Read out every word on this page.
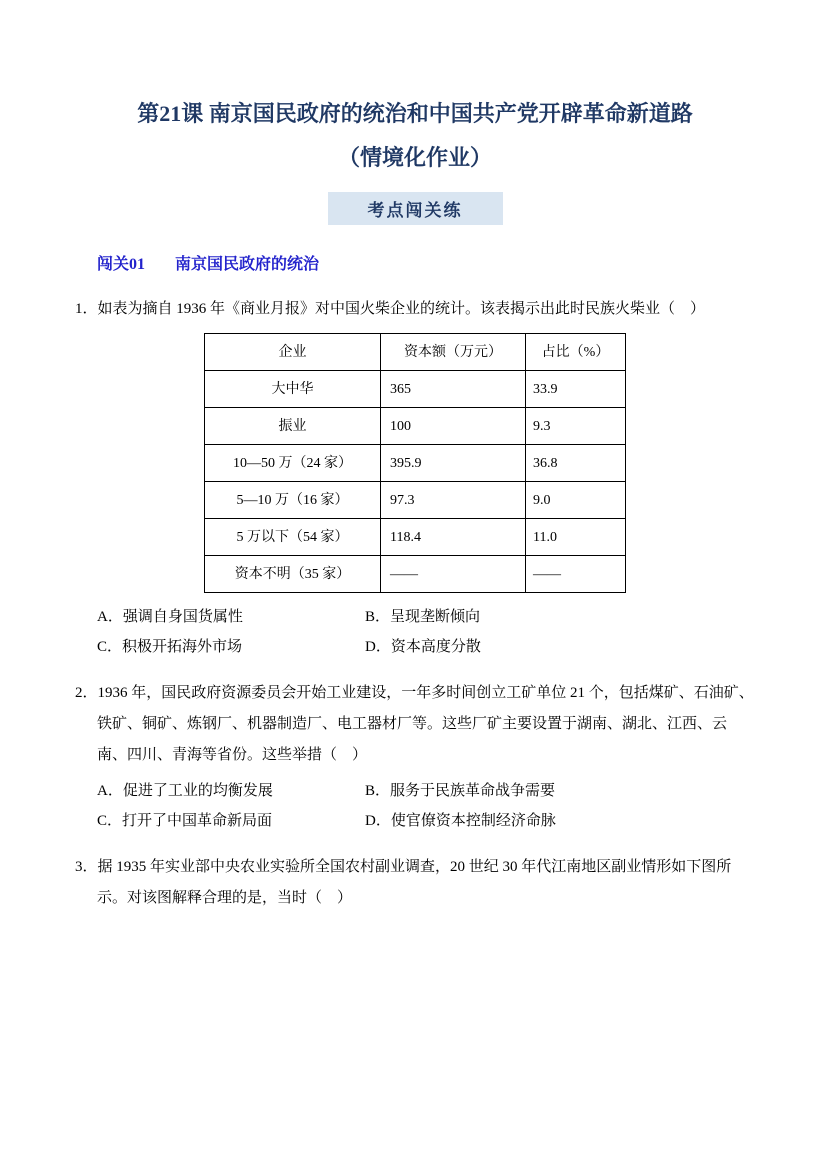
第21课 南京国民政府的统治和中国共产党开辟革命新道路
（情境化作业）
考点闯关练
闯关01 南京国民政府的统治
1．如表为摘自 1936 年《商业月报》对中国火柴企业的统计。该表揭示出此时民族火柴业（　）
企业	资本额（万元）	占比（%）
大中华	365	33.9
振业	100	9.3
10—50 万（24 家）	395.9	36.8
5—10 万（16 家）	97.3	9.0
5 万以下（54 家）	118.4	11.0
资本不明（35 家）	——	——
A．强调自身国货属性	B．呈现垄断倾向
C．积极开拓海外市场	D．资本高度分散
2．1936 年，国民政府资源委员会开始工业建设，一年多时间创立工矿单位 21 个，包括煤矿、石油矿、铁矿、铜矿、炼钢厂、机器制造厂、电工器材厂等。这些厂矿主要设置于湖南、湖北、江西、云南、四川、青海等省份。这些举措（　）
A．促进了工业的均衡发展	B．服务于民族革命战争需要
C．打开了中国革命新局面	D．使官僚资本控制经济命脉
3．据 1935 年实业部中央农业实验所全国农村副业调查，20 世纪 30 年代江南地区副业情形如下图所示。对该图解释合理的是，当时（　）
